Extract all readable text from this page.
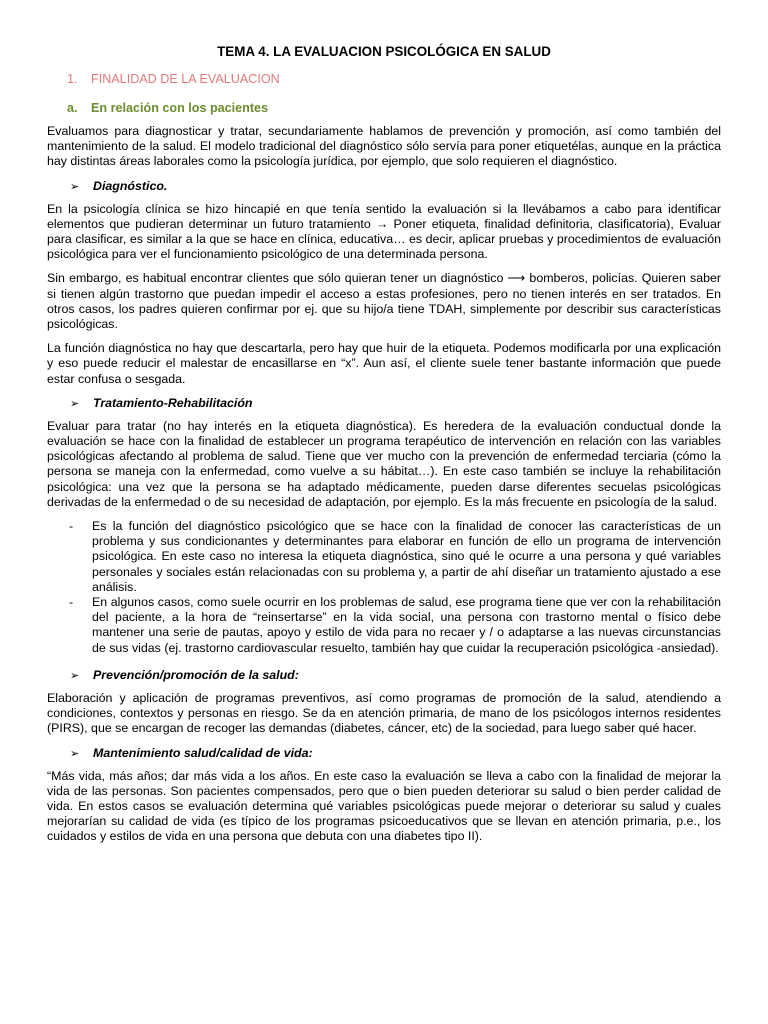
TEMA 4. LA EVALUACION PSICOLÓGICA EN SALUD
1. FINALIDAD DE LA EVALUACION
a. En relación con los pacientes

Evaluamos para diagnosticar y tratar, secundariamente hablamos de prevención y promoción, así como también del mantenimiento de la salud. El modelo tradicional del diagnóstico sólo servía para poner etiquetélas, aunque en la práctica hay distintas áreas laborales como la psicología jurídica, por ejemplo, que solo requieren el diagnóstico.

➢	Diagnóstico.

En la psicología clínica se hizo hincapié en que tenía sentido la evaluación si la llevábamos a cabo para identificar elementos que pudieran determinar un futuro tratamiento → Poner etiqueta, finalidad definitoria, clasificatoria), Evaluar para clasificar, es similar a la que se hace en clínica, educativa… es decir, aplicar pruebas y procedimientos de evaluación psicológica para ver el funcionamiento psicológico de una determinada persona.

Sin embargo, es habitual encontrar clientes que sólo quieran tener un diagnóstico ⟶ bomberos, policías. Quieren saber si tienen algún trastorno que puedan impedir el acceso a estas profesiones, pero no tienen interés en ser tratados. En otros casos, los padres quieren confirmar por ej. que su hijo/a tiene TDAH, simplemente por describir sus características psicológicas.

La función diagnóstica no hay que descartarla, pero hay que huir de la etiqueta. Podemos modificarla por una explicación y eso puede reducir el malestar de encasillarse en “x”. Aun así, el cliente suele tener bastante información que puede estar confusa o sesgada.

➢	Tratamiento-Rehabilitación

Evaluar para tratar (no hay interés en la etiqueta diagnóstica). Es heredera de la evaluación conductual donde la evaluación se hace con la finalidad de establecer un programa terapéutico de intervención en relación con las variables psicológicas afectando al problema de salud. Tiene que ver mucho con la prevención de enfermedad terciaria (cómo la persona se maneja con la enfermedad, como vuelve a su hábitat…). En este caso también se incluye la rehabilitación psicológica: una vez que la persona se ha adaptado médicamente, pueden darse diferentes secuelas psicológicas derivadas de la enfermedad o de su necesidad de adaptación, por ejemplo. Es la más frecuente en psicología de la salud.

-	Es la función del diagnóstico psicológico que se hace con la finalidad de conocer las características de un problema y sus condicionantes y determinantes para elaborar en función de ello un programa de intervención psicológica. En este caso no interesa la etiqueta diagnóstica, sino qué le ocurre a una persona y qué variables personales y sociales están relacionadas con su problema y, a partir de ahí diseñar un tratamiento ajustado a ese análisis.
-	En algunos casos, como suele ocurrir en los problemas de salud, ese programa tiene que ver con la rehabilitación del paciente, a la hora de “reinsertarse” en la vida social, una persona con trastorno mental o físico debe mantener una serie de pautas, apoyo y estilo de vida para no recaer y / o adaptarse a las nuevas circunstancias de sus vidas (ej. trastorno cardiovascular resuelto, también hay que cuidar la recuperación psicológica -ansiedad).
➢	Prevención/promoción de la salud:

Elaboración y aplicación de programas preventivos, así como programas de promoción de la salud, atendiendo a condiciones, contextos y personas en riesgo. Se da en atención primaria, de mano de los psicólogos internos residentes (PIRS), que se encargan de recoger las demandas (diabetes, cáncer, etc) de la sociedad, para luego saber qué hacer.

➢	Mantenimiento salud/calidad de vida:

“Más vida, más años; dar más vida a los años. En este caso la evaluación se lleva a cabo con la finalidad de mejorar la vida de las personas. Son pacientes compensados, pero que o bien pueden deteriorar su salud o bien perder calidad de vida. En estos casos se evaluación determina qué variables psicológicas puede mejorar o deteriorar su salud y cuales mejorarían su calidad de vida (es típico de los programas psicoeducativos que se llevan en atención primaria, p.e., los cuidados y estilos de vida en una persona que debuta con una diabetes tipo II).
